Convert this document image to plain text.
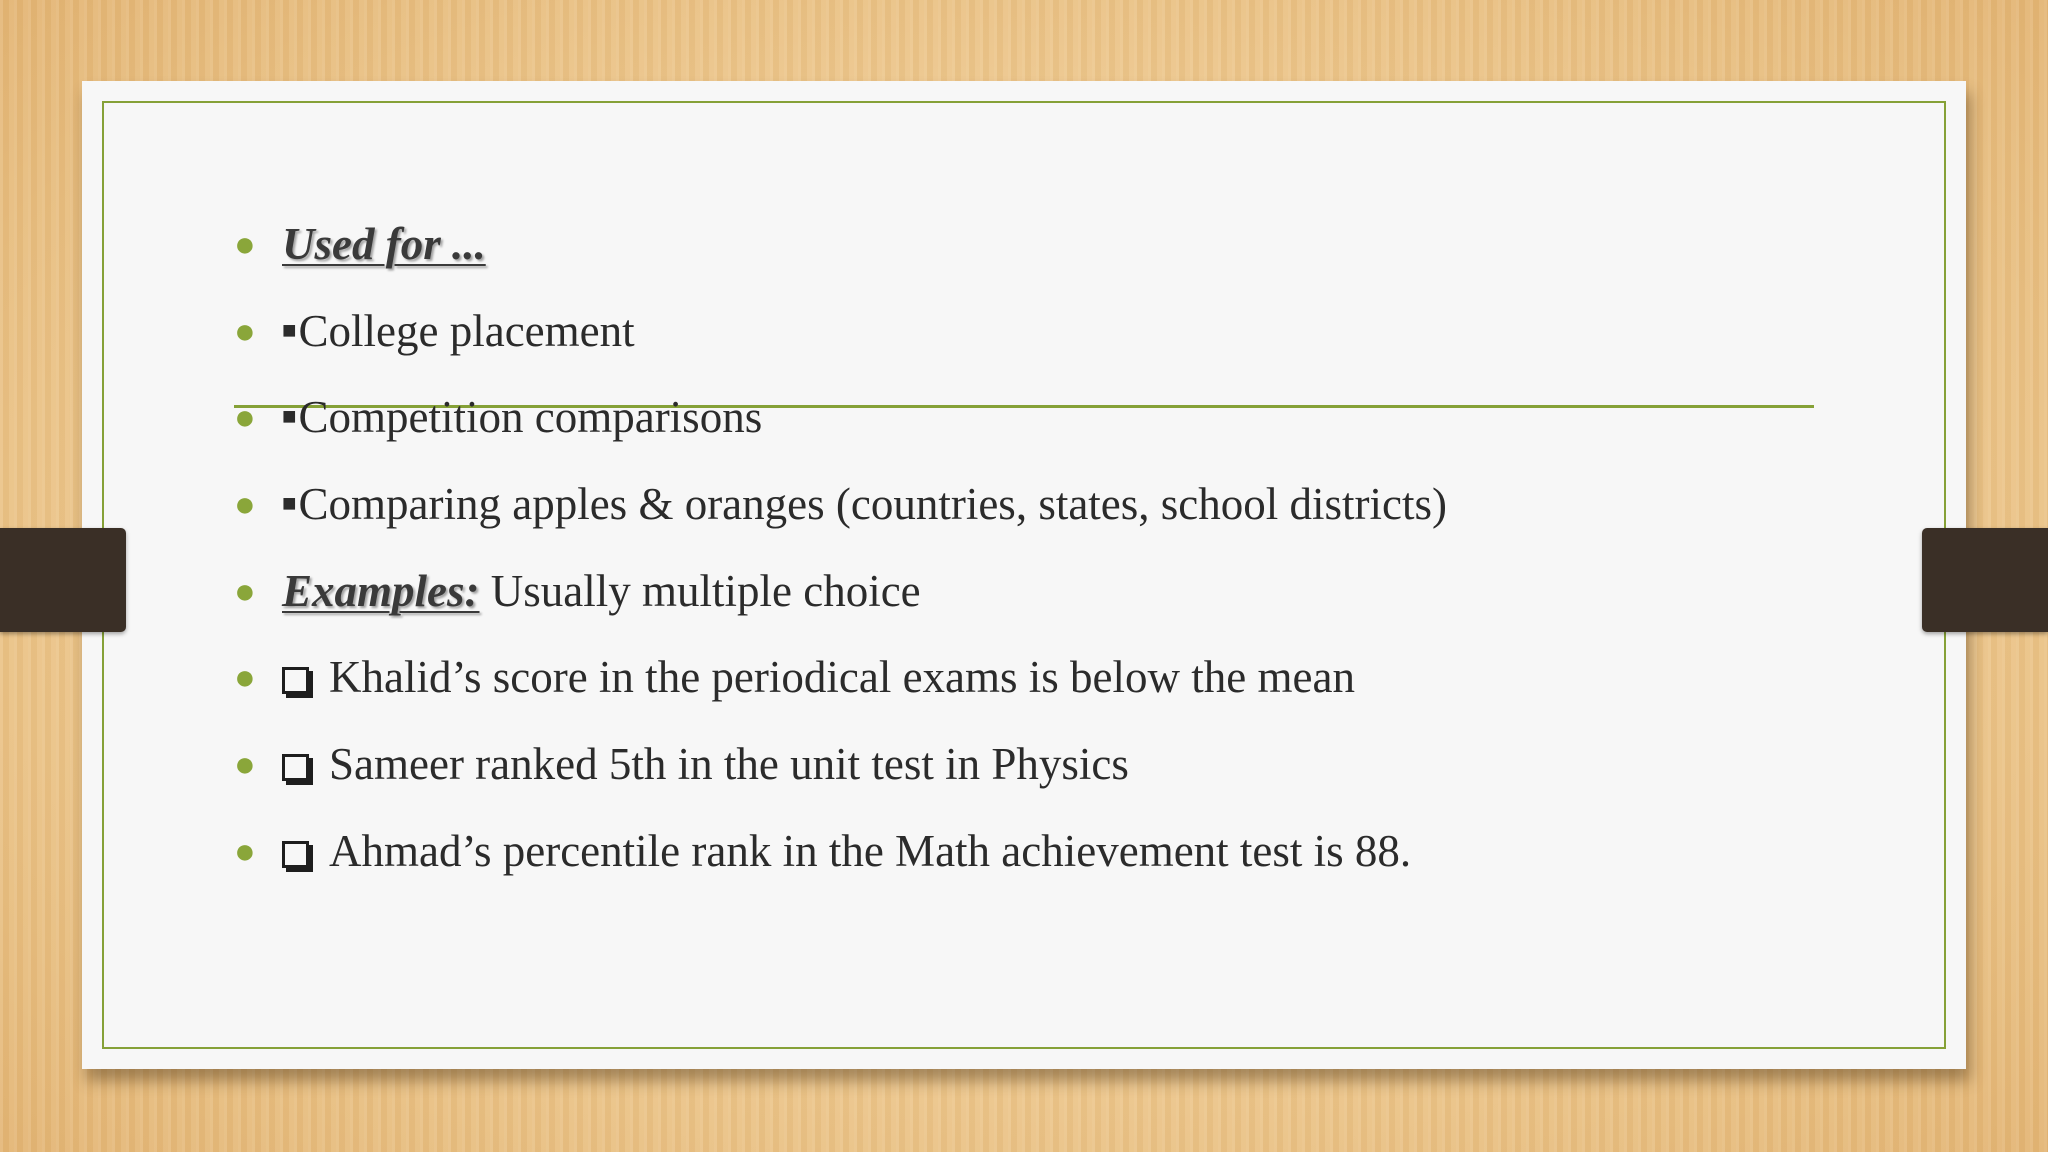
● Used for ...
● ■College placement
● ■Competition comparisons
● ■Comparing apples & oranges (countries, states, school districts)
● Examples: Usually multiple choice
● Khalid’s score in the periodical exams is below the mean
● Sameer ranked 5th in the unit test in Physics
● Ahmad’s percentile rank in the Math achievement test is 88.
